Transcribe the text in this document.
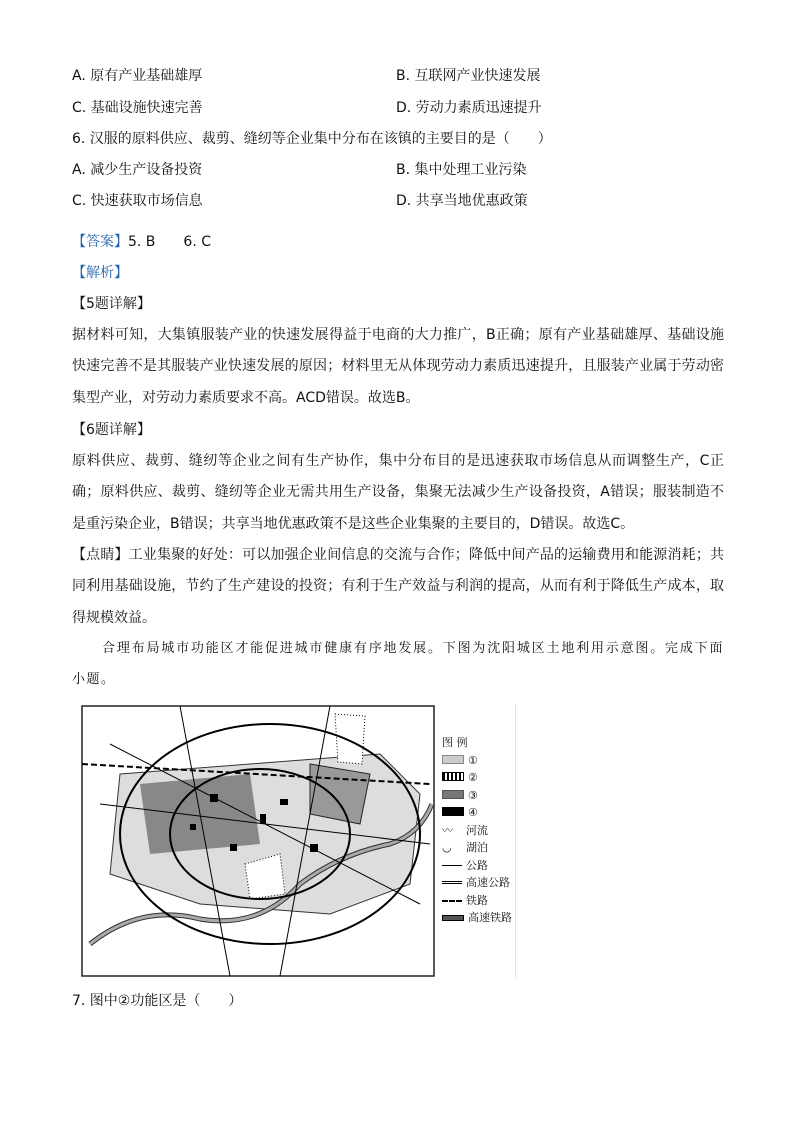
A. 原有产业基础雄厚	B. 互联网产业快速发展
C. 基础设施快速完善	D. 劳动力素质迅速提升
6. 汉服的原料供应、裁剪、缝纫等企业集中分布在该镇的主要目的是（　　）
A. 减少生产设备投资	B. 集中处理工业污染
C. 快速获取市场信息	D. 共享当地优惠政策
【答案】5. B　　6. C
【解析】
【5题详解】
据材料可知，大集镇服装产业的快速发展得益于电商的大力推广，B正确；原有产业基础雄厚、基础设施快速完善不是其服装产业快速发展的原因；材料里无从体现劳动力素质迅速提升，且服装产业属于劳动密集型产业，对劳动力素质要求不高。ACD错误。故选B。
【6题详解】
原料供应、裁剪、缝纫等企业之间有生产协作，集中分布目的是迅速获取市场信息从而调整生产，C正确；原料供应、裁剪、缝纫等企业无需共用生产设备，集聚无法减少生产设备投资，A错误；服装制造不是重污染企业，B错误；共享当地优惠政策不是这些企业集聚的主要目的，D错误。故选C。
【点睛】工业集聚的好处：可以加强企业间信息的交流与合作；降低中间产品的运输费用和能源消耗；共同利用基础设施，节约了生产建设的投资；有利于生产效益与利润的提高，从而有利于降低生产成本，取得规模效益。
合理布局城市功能区才能促进城市健康有序地发展。下图为沈阳城区土地利用示意图。完成下面小题。
图 例
①
②
③
④
〰 河流
◡ 湖泊
公路
高速公路
铁路
高速铁路
7. 图中②功能区是（　　）
